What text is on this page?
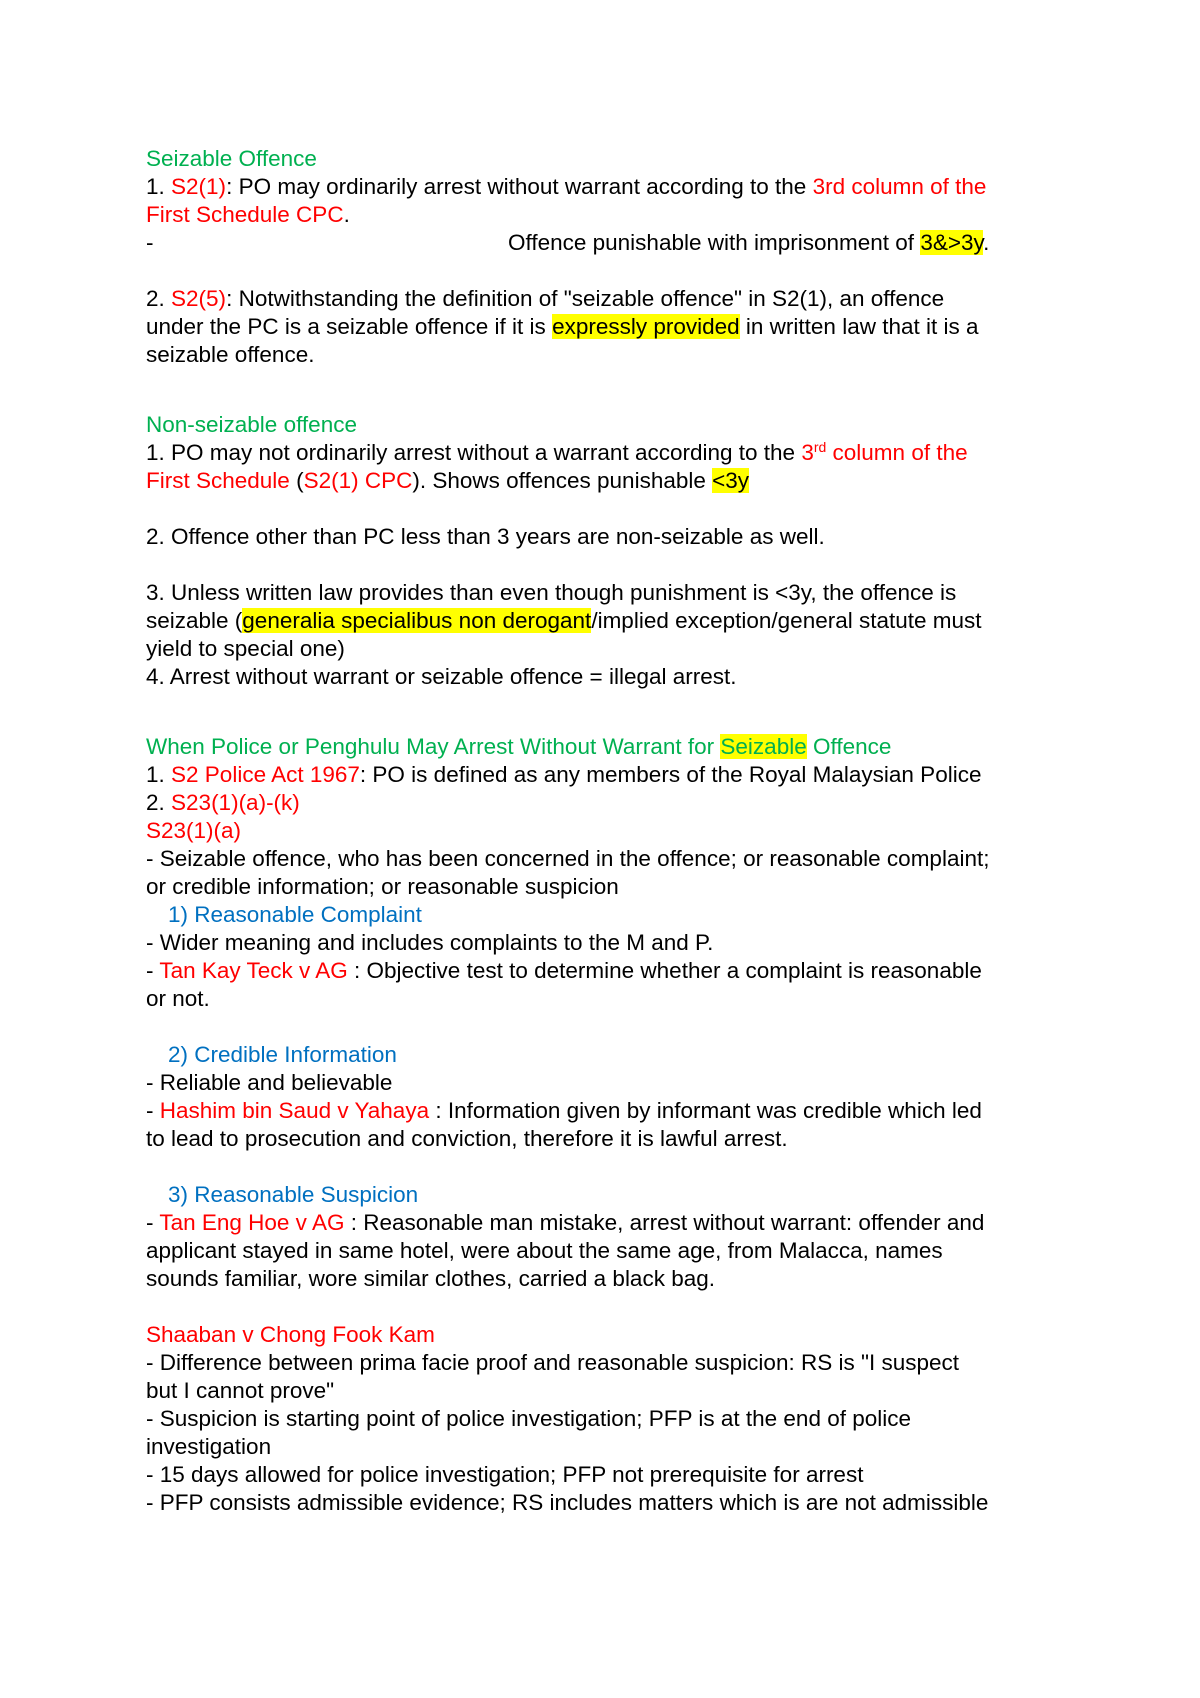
Seizable Offence
1. S2(1): PO may ordinarily arrest without warrant according to the 3rd column of the
First Schedule CPC.
-	Offence punishable with imprisonment of 3&>3y.
2. S2(5): Notwithstanding the definition of "seizable offence" in S2(1), an offence
under the PC is a seizable offence if it is expressly provided in written law that it is a
seizable offence.
Non-seizable offence
1. PO may not ordinarily arrest without a warrant according to the 3rd column of the
First Schedule (S2(1) CPC). Shows offences punishable <3y
2. Offence other than PC less than 3 years are non-seizable as well.
3. Unless written law provides than even though punishment is <3y, the offence is
seizable (generalia specialibus non derogant/implied exception/general statute must
yield to special one)
4. Arrest without warrant or seizable offence = illegal arrest.
When Police or Penghulu May Arrest Without Warrant for Seizable Offence
1. S2 Police Act 1967: PO is defined as any members of the Royal Malaysian Police
2. S23(1)(a)-(k)
S23(1)(a)
- Seizable offence, who has been concerned in the offence; or reasonable complaint;
or credible information; or reasonable suspicion
1) Reasonable Complaint
- Wider meaning and includes complaints to the M and P.
- Tan Kay Teck v AG : Objective test to determine whether a complaint is reasonable
or not.
2) Credible Information
- Reliable and believable
- Hashim bin Saud v Yahaya : Information given by informant was credible which led
to lead to prosecution and conviction, therefore it is lawful arrest.
3) Reasonable Suspicion
- Tan Eng Hoe v AG : Reasonable man mistake, arrest without warrant: offender and
applicant stayed in same hotel, were about the same age, from Malacca, names
sounds familiar, wore similar clothes, carried a black bag.
Shaaban v Chong Fook Kam
- Difference between prima facie proof and reasonable suspicion: RS is "I suspect
but I cannot prove"
- Suspicion is starting point of police investigation; PFP is at the end of police
investigation
- 15 days allowed for police investigation; PFP not prerequisite for arrest
- PFP consists admissible evidence; RS includes matters which is are not admissible
